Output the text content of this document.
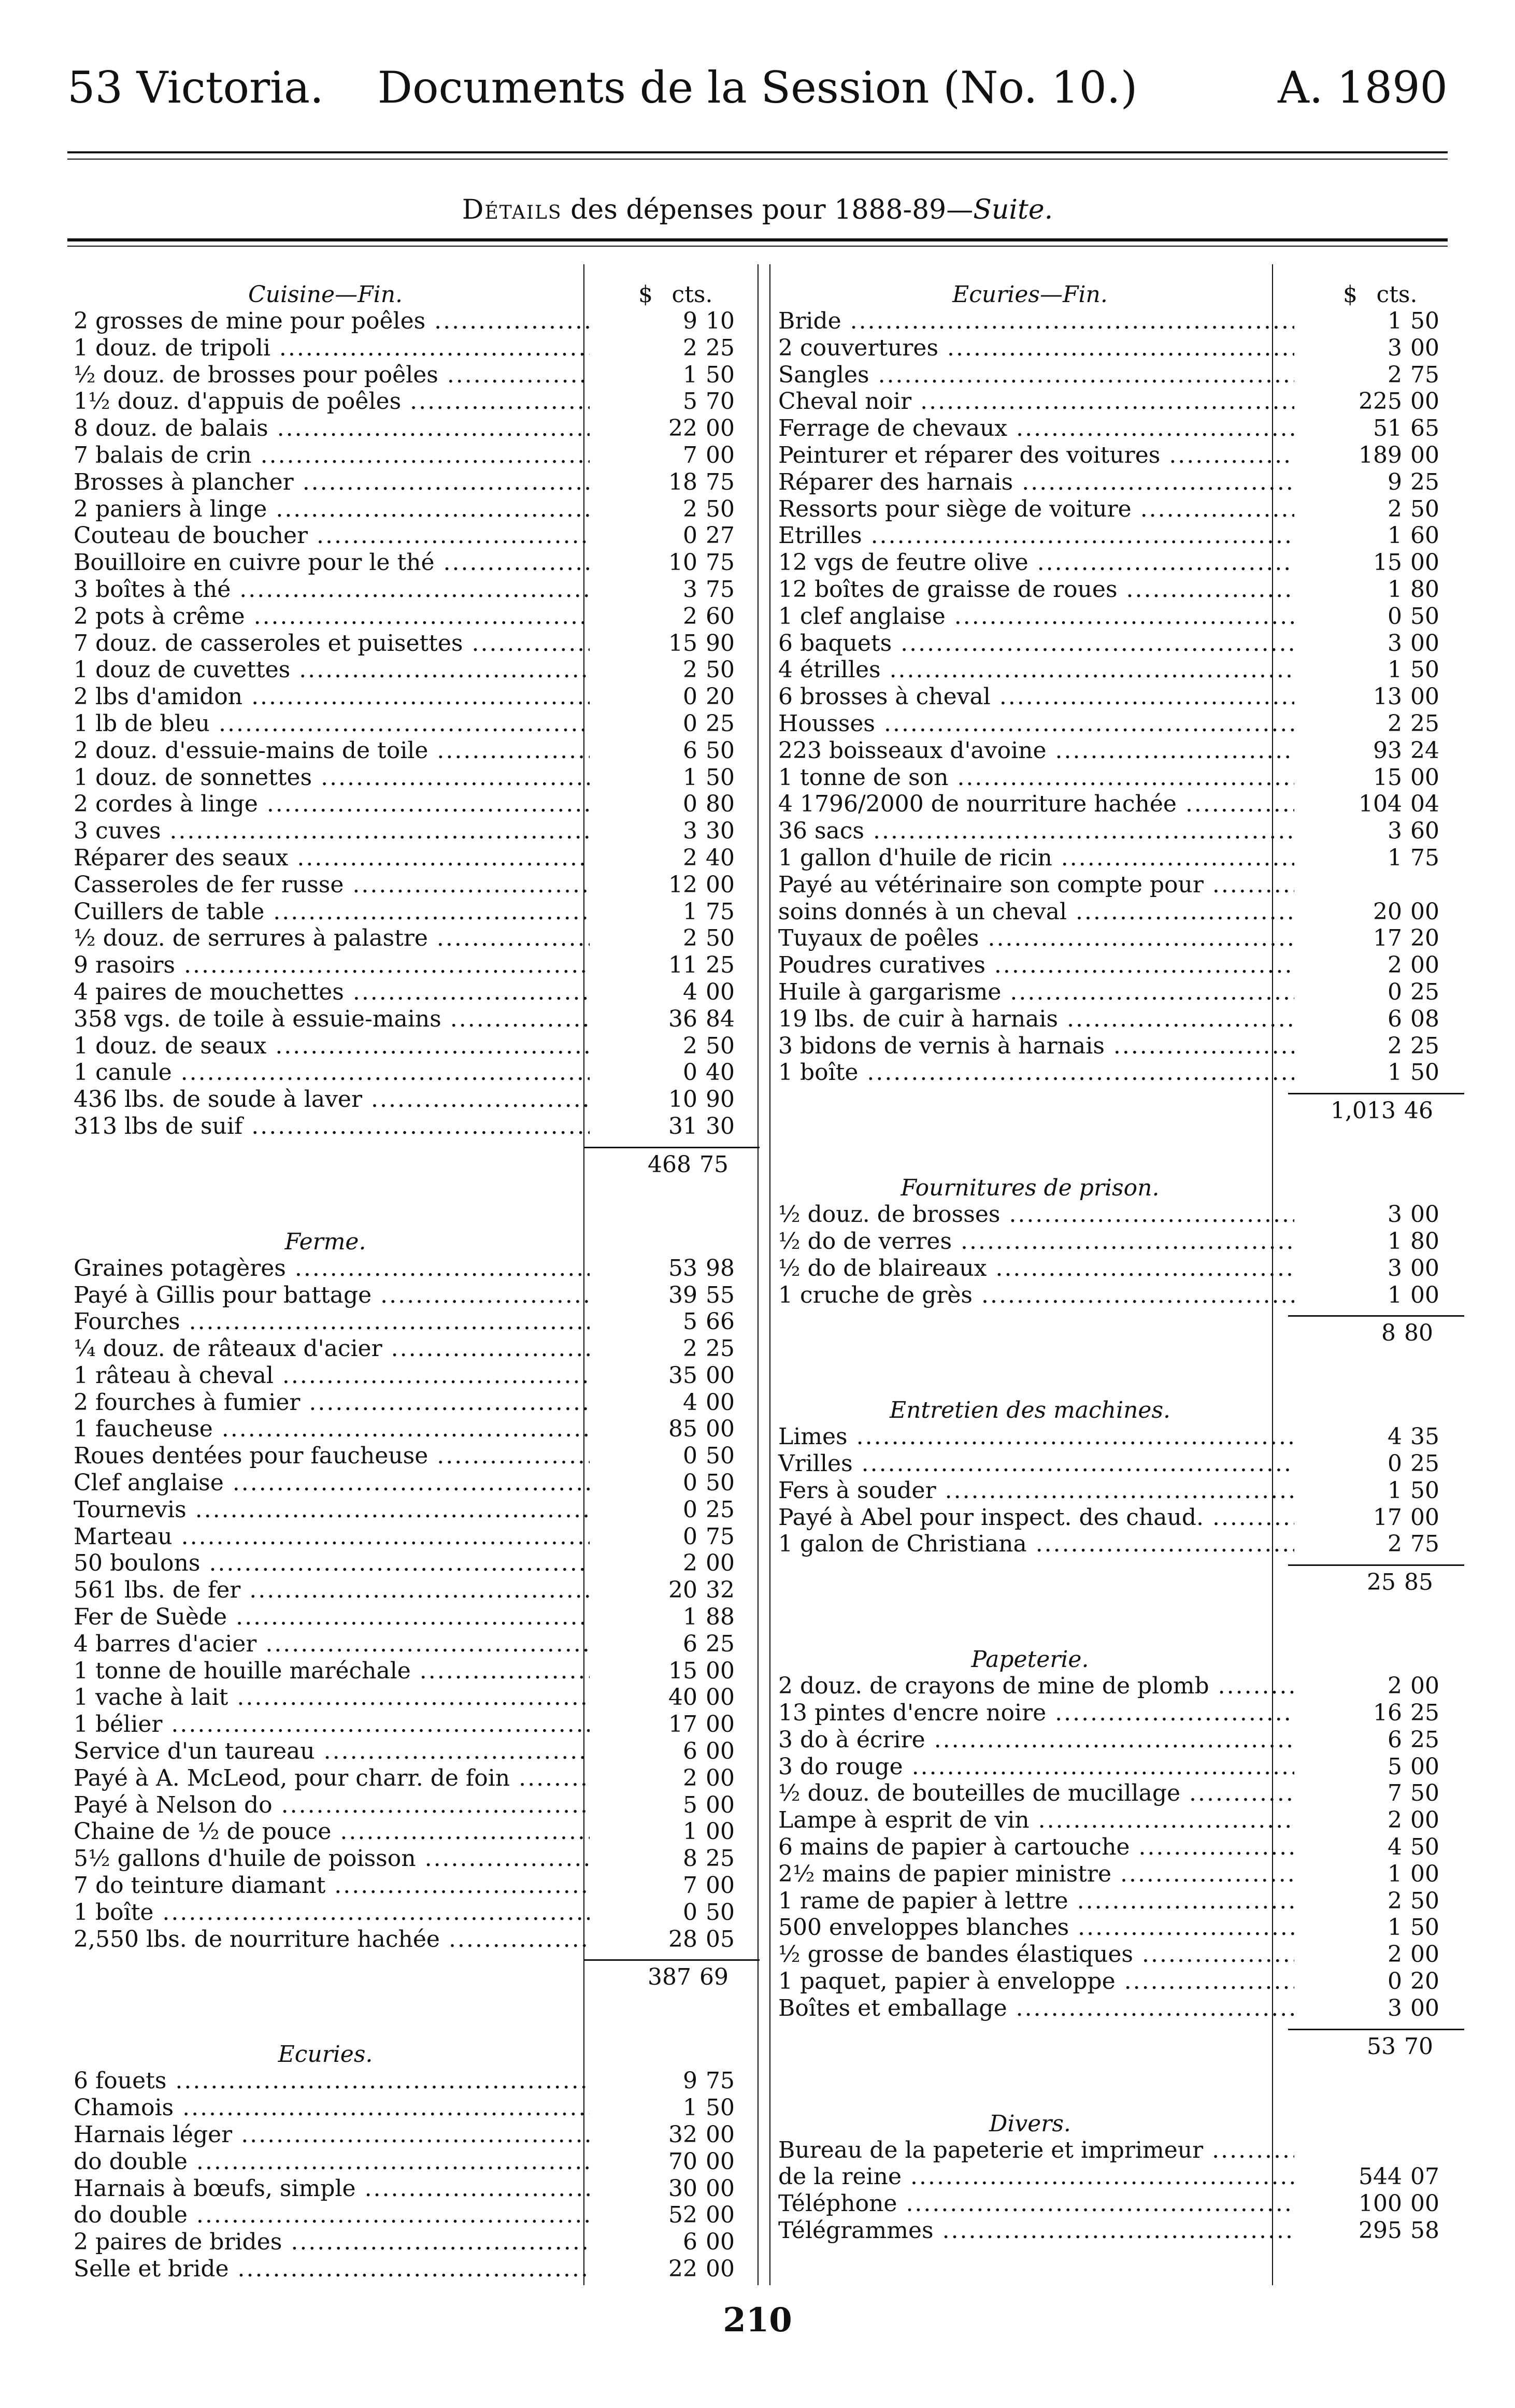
53 Victoria. Documents de la Session (No. 10.)	A. 1890
Détails des dépenses pour 1888-89—Suite.
Cuisine—Fin.	$ cts.
2 grosses de mine pour poêles .....	9 10
1 douz. de tripoli .....	2 25
½ douz. de brosses pour poêles .....	1 50
1½ douz. d'appuis de poêles .....	5 70
8 douz. de balais .....	22 00
7 balais de crin .....	7 00
Brosses à plancher .....	18 75
2 paniers à linge .....	2 50
Couteau de boucher .....	0 27
Bouilloire en cuivre pour le thé .....	10 75
3 boîtes à thé .....	3 75
2 pots à crême .....	2 60
7 douz. de casseroles et puisettes .....	15 90
1 douz de cuvettes .....	2 50
2 lbs d'amidon .....	0 20
1 lb de bleu .....	0 25
2 douz. d'essuie-mains de toile .....	6 50
1 douz. de sonnettes .....	1 50
2 cordes à linge .....	0 80
3 cuves .....	3 30
Réparer des seaux .....	2 40
Casseroles de fer russe .....	12 00
Cuillers de table .....	1 75
½ douz. de serrures à palastre .....	2 50
9 rasoirs .....	11 25
4 paires de mouchettes .....	4 00
358 vgs. de toile à essuie-mains .....	36 84
1 douz. de seaux .....	2 50
1 canule .....	0 40
436 lbs. de soude à laver .....	10 90
313 lbs de suif .....	31 30
468 75
Ferme.
Graines potagères .....	53 98
Payé à Gillis pour battage .....	39 55
Fourches .....	5 66
¼ douz. de râteaux d'acier .....	2 25
1 râteau à cheval .....	35 00
2 fourches à fumier .....	4 00
1 faucheuse .....	85 00
Roues dentées pour faucheuse .....	0 50
Clef anglaise .....	0 50
Tournevis .....	0 25
Marteau .....	0 75
50 boulons .....	2 00
561 lbs. de fer .....	20 32
Fer de Suède .....	1 88
4 barres d'acier .....	6 25
1 tonne de houille maréchale .....	15 00
1 vache à lait .....	40 00
1 bélier .....	17 00
Service d'un taureau .....	6 00
Payé à A. McLeod, pour charr. de foin .....	2 00
Payé à Nelson do .....	5 00
Chaine de ½ de pouce .....	1 00
5½ gallons d'huile de poisson .....	8 25
7 do teinture diamant .....	7 00
1 boîte .....	0 50
2,550 lbs. de nourriture hachée .....	28 05
387 69
Ecuries.
6 fouets .....	9 75
Chamois .....	1 50
Harnais léger .....	32 00
do double .....	70 00
Harnais à bœufs, simple .....	30 00
do double .....	52 00
2 paires de brides .....	6 00
Selle et bride .....	22 00
Ecuries—Fin.	$ cts.
Bride .....	1 50
2 couvertures .....	3 00
Sangles .....	2 75
Cheval noir .....	225 00
Ferrage de chevaux .....	51 65
Peinturer et réparer des voitures .....	189 00
Réparer des harnais .....	9 25
Ressorts pour siège de voiture .....	2 50
Etrilles .....	1 60
12 vgs de feutre olive .....	15 00
12 boîtes de graisse de roues .....	1 80
1 clef anglaise .....	0 50
6 baquets .....	3 00
4 étrilles .....	1 50
6 brosses à cheval .....	13 00
Housses .....	2 25
223 boisseaux d'avoine .....	93 24
1 tonne de son .....	15 00
4 1796/2000 de nourriture hachée .....	104 04
36 sacs .....	3 60
1 gallon d'huile de ricin .....	1 75
Payé au vétérinaire son compte pour .....
soins donnés à un cheval .....	20 00
Tuyaux de poêles .....	17 20
Poudres curatives .....	2 00
Huile à gargarisme .....	0 25
19 lbs. de cuir à harnais .....	6 08
3 bidons de vernis à harnais .....	2 25
1 boîte .....	1 50
1,013 46
Fournitures de prison.
½ douz. de brosses .....	3 00
½ do de verres .....	1 80
½ do de blaireaux .....	3 00
1 cruche de grès .....	1 00
8 80
Entretien des machines.
Limes .....	4 35
Vrilles .....	0 25
Fers à souder .....	1 50
Payé à Abel pour inspect. des chaud. .....	17 00
1 galon de Christiana .....	2 75
25 85
Papeterie.
2 douz. de crayons de mine de plomb .....	2 00
13 pintes d'encre noire .....	16 25
3 do à écrire .....	6 25
3 do rouge .....	5 00
½ douz. de bouteilles de mucillage .....	7 50
Lampe à esprit de vin .....	2 00
6 mains de papier à cartouche .....	4 50
2½ mains de papier ministre .....	1 00
1 rame de papier à lettre .....	2 50
500 enveloppes blanches .....	1 50
½ grosse de bandes élastiques .....	2 00
1 paquet, papier à enveloppe .....	0 20
Boîtes et emballage .....	3 00
53 70
Divers.
Bureau de la papeterie et imprimeur .....
de la reine .....	544 07
Téléphone .....	100 00
Télégrammes .....	295 58
210
